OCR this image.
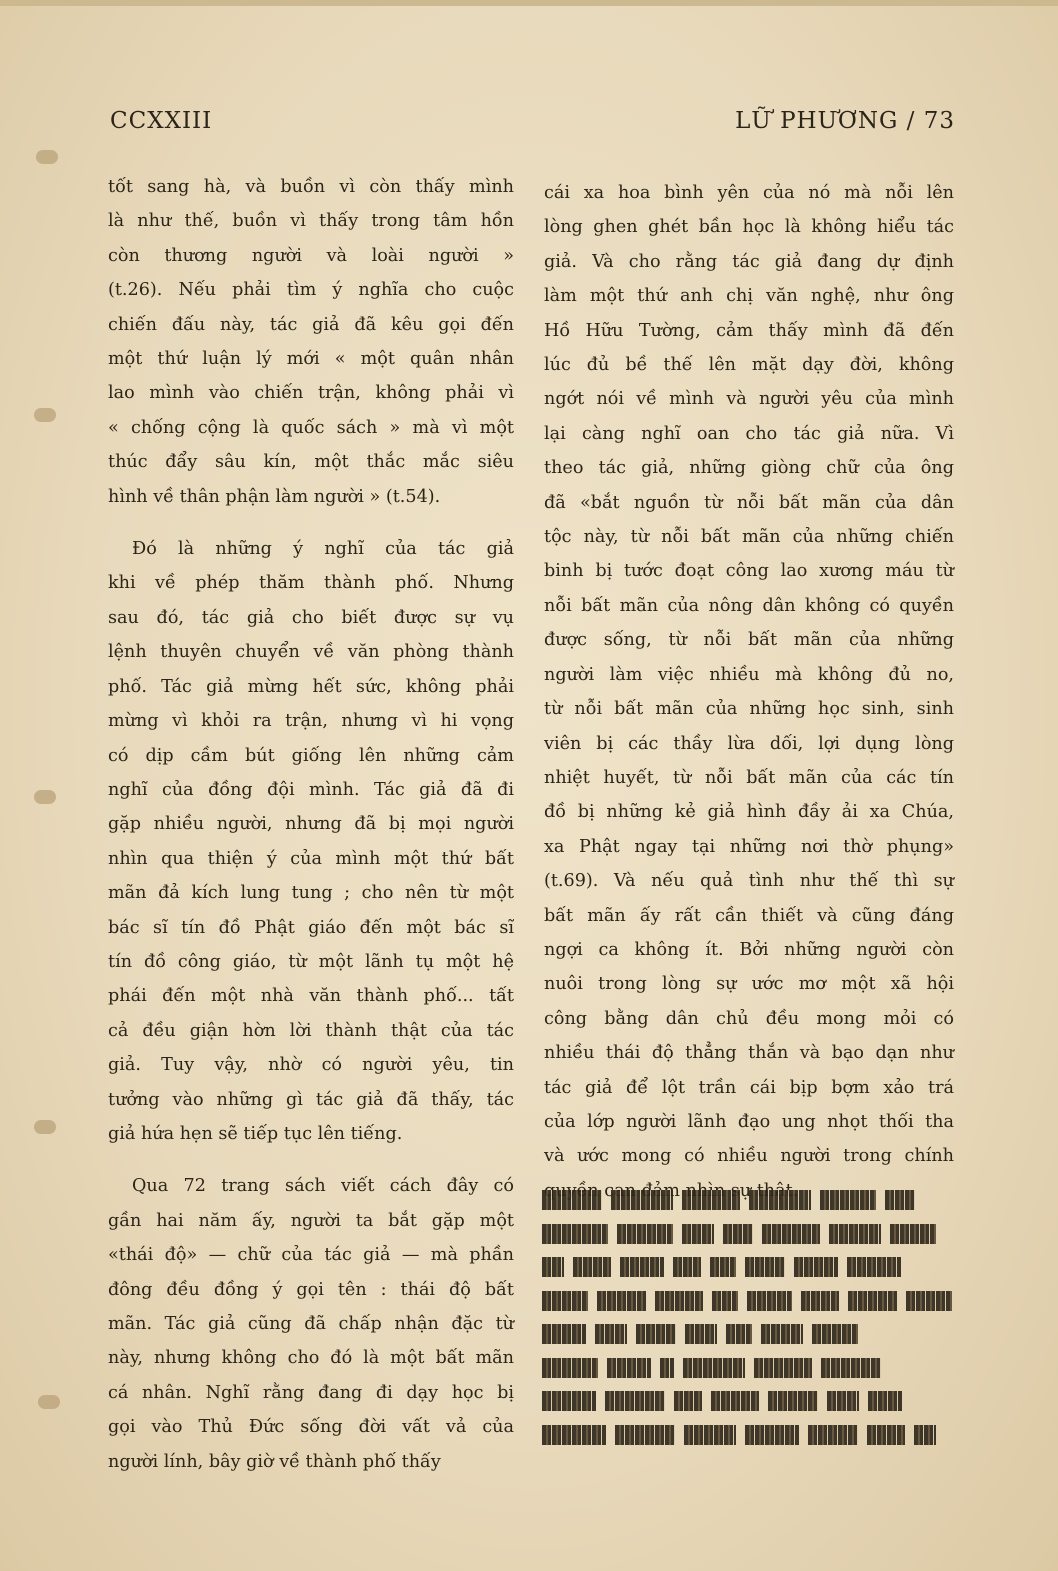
CCXXIII	LỮ PHƯƠNG / 73
tốt sang hà, và buồn vì còn thấy mình
là như thế, buồn vì thấy trong tâm hồn
còn thương người và loài người »
(t.26). Nếu phải tìm ý nghĩa cho cuộc
chiến đấu này, tác giả đã kêu gọi đến
một thứ luận lý mới « một quân nhân
lao mình vào chiến trận, không phải vì
« chống cộng là quốc sách » mà vì một
thúc đẩy sâu kín, một thắc mắc siêu
hình về thân phận làm người » (t.54).
Đó là những ý nghĩ của tác giả
khi về phép thăm thành phố. Nhưng
sau đó, tác giả cho biết được sự vụ
lệnh thuyên chuyển về văn phòng thành
phố. Tác giả mừng hết sức, không phải
mừng vì khỏi ra trận, nhưng vì hi vọng
có dịp cầm bút giống lên những cảm
nghĩ của đồng đội mình. Tác giả đã đi
gặp nhiều người, nhưng đã bị mọi người
nhìn qua thiện ý của mình một thứ bất
mãn đả kích lung tung ; cho nên từ một
bác sĩ tín đồ Phật giáo đến một bác sĩ
tín đồ công giáo, từ một lãnh tụ một hệ
phái đến một nhà văn thành phố... tất
cả đều giận hờn lời thành thật của tác
giả. Tuy vậy, nhờ có người yêu, tin
tưởng vào những gì tác giả đã thấy, tác
giả hứa hẹn sẽ tiếp tục lên tiếng.
Qua 72 trang sách viết cách đây có
gần hai năm ấy, người ta bắt gặp một
«thái độ» — chữ của tác giả — mà phần
đông đều đồng ý gọi tên : thái độ bất
mãn. Tác giả cũng đã chấp nhận đặc từ
này, nhưng không cho đó là một bất mãn
cá nhân. Nghĩ rằng đang đi dạy học bị
gọi vào Thủ Đức sống đời vất vả của
người lính, bây giờ về thành phố thấy
cái xa hoa bình yên của nó mà nỗi lên
lòng ghen ghét bần học là không hiểu tác
giả. Và cho rằng tác giả đang dự định
làm một thứ anh chị văn nghệ, như ông
Hồ Hữu Tường, cảm thấy mình đã đến
lúc đủ bề thế lên mặt dạy đời, không
ngớt nói về mình và người yêu của mình
lại càng nghĩ oan cho tác giả nữa. Vì
theo tác giả, những giòng chữ của ông
đã «bắt nguồn từ nỗi bất mãn của dân
tộc này, từ nỗi bất mãn của những chiến
binh bị tước đoạt công lao xương máu từ
nỗi bất mãn của nông dân không có quyền
được sống, từ nỗi bất mãn của những
người làm việc nhiều mà không đủ no,
từ nỗi bất mãn của những học sinh, sinh
viên bị các thầy lừa dối, lợi dụng lòng
nhiệt huyết, từ nỗi bất mãn của các tín
đồ bị những kẻ giả hình đầy ải xa Chúa,
xa Phật ngay tại những nơi thờ phụng»
(t.69). Và nếu quả tình như thế thì sự
bất mãn ấy rất cần thiết và cũng đáng
ngợi ca không ít. Bởi những người còn
nuôi trong lòng sự ước mơ một xã hội
công bằng dân chủ đều mong mỏi có
nhiều thái độ thẳng thắn và bạo dạn như
tác giả để lột trần cái bịp bợm xảo trá
của lớp người lãnh đạo ung nhọt thối tha
và ước mong có nhiều người trong chính
sự
